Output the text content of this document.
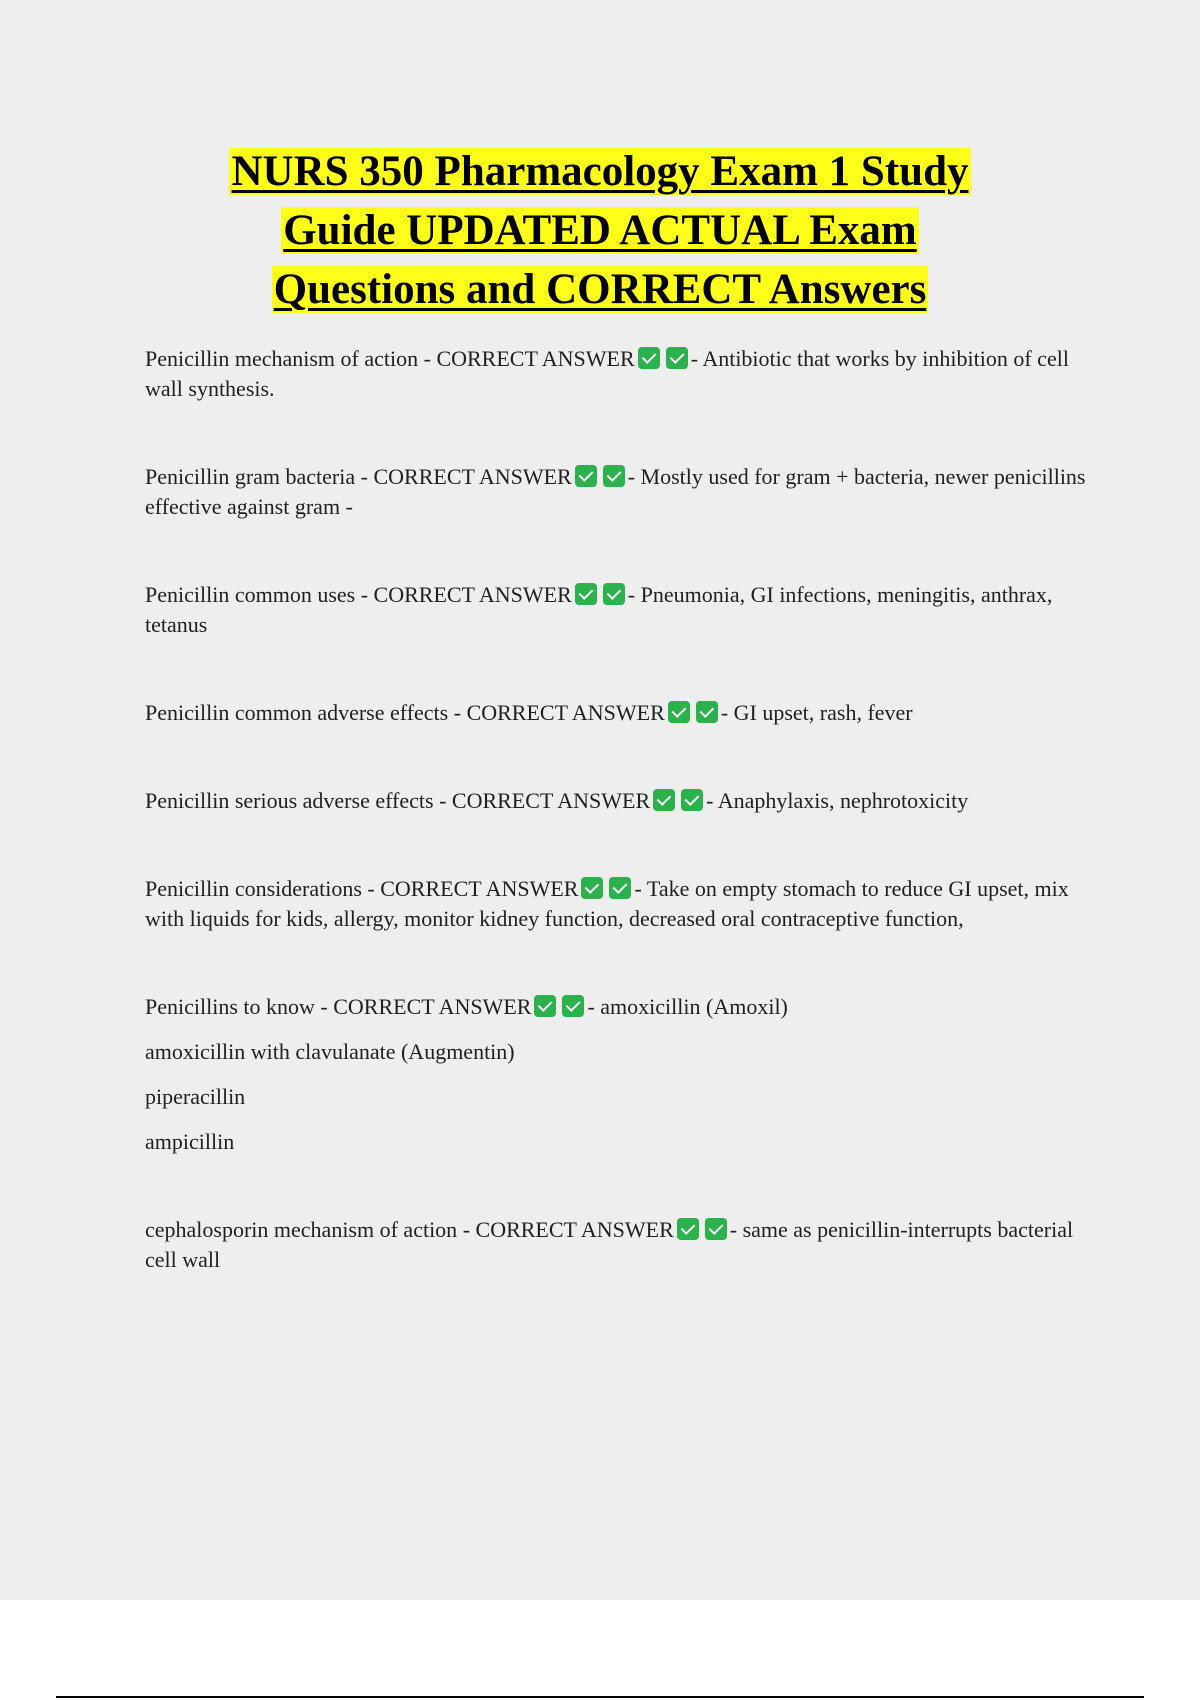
NURS 350 Pharmacology Exam 1 Study
Guide UPDATED ACTUAL Exam
Questions and CORRECT Answers

Penicillin mechanism of action - CORRECT ANSWER	- Antibiotic that works by inhibition of cell wall synthesis.

Penicillin gram bacteria - CORRECT ANSWER	- Mostly used for gram + bacteria, newer penicillins effective against gram -

Penicillin common uses - CORRECT ANSWER	- Pneumonia, GI infections, meningitis, anthrax, tetanus

Penicillin common adverse effects - CORRECT ANSWER	- GI upset, rash, fever

Penicillin serious adverse effects - CORRECT ANSWER	- Anaphylaxis, nephrotoxicity

Penicillin considerations - CORRECT ANSWER	- Take on empty stomach to reduce GI upset, mix with liquids for kids, allergy, monitor kidney function, decreased oral contraceptive function,

Penicillins to know - CORRECT ANSWER	- amoxicillin (Amoxil)

amoxicillin with clavulanate (Augmentin)

piperacillin

ampicillin

cephalosporin mechanism of action - CORRECT ANSWER	- same as penicillin-interrupts bacterial cell wall
